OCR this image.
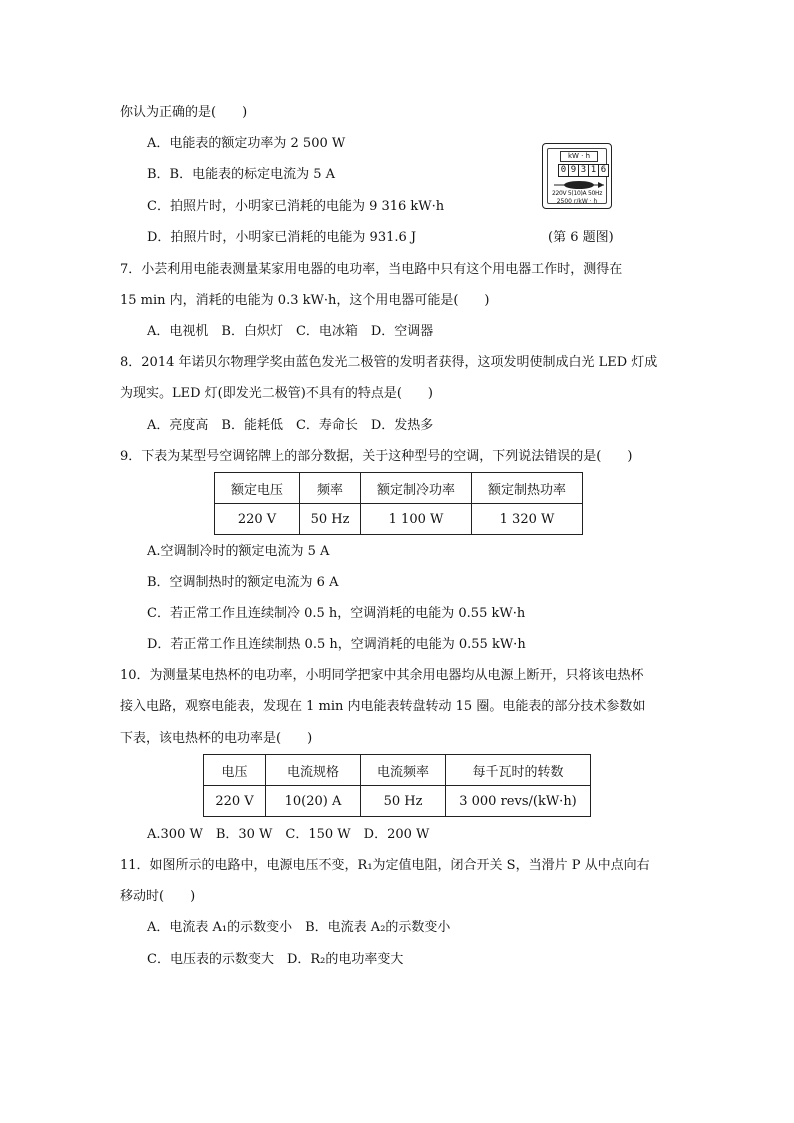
你认为正确的是(　　)
A．电能表的额定功率为 2 500 W
B．B．电能表的标定电流为 5 A
C．拍照片时，小明家已消耗的电能为 9 316 kW·h
D．拍照片时，小明家已消耗的电能为 931.6 J
kW · h
0 9 3 1 6
220V 5(10)A 50Hz
2500 r/kW · h
(第 6 题图)
7．小芸利用电能表测量某家用电器的电功率，当电路中只有这个用电器工作时，测得在
15 min 内，消耗的电能为 0.3 kW·h，这个用电器可能是(　　)
A．电视机　B．白炽灯　C．电冰箱　D．空调器
8．2014 年诺贝尔物理学奖由蓝色发光二极管的发明者获得，这项发明使制成白光 LED 灯成
为现实。LED 灯(即发光二极管)不具有的特点是(　　)
A．亮度高　B．能耗低　C．寿命长　D．发热多
9．下表为某型号空调铭牌上的部分数据，关于这种型号的空调，下列说法错误的是(　　)
额定电压	频率	额定制冷功率	额定制热功率
220 V	50 Hz	1 100 W	1 320 W
A.空调制冷时的额定电流为 5 A
B．空调制热时的额定电流为 6 A
C．若正常工作且连续制冷 0.5 h，空调消耗的电能为 0.55 kW·h
D．若正常工作且连续制热 0.5 h，空调消耗的电能为 0.55 kW·h
10．为测量某电热杯的电功率，小明同学把家中其余用电器均从电源上断开，只将该电热杯
接入电路，观察电能表，发现在 1 min 内电能表转盘转动 15 圈。电能表的部分技术参数如
下表，该电热杯的电功率是(　　)
电压	电流规格	电流频率	每千瓦时的转数
220 V	10(20) A	50 Hz	3 000 revs/(kW·h)
A.300 W　B．30 W　C．150 W　D．200 W
11．如图所示的电路中，电源电压不变，R₁为定值电阻，闭合开关 S，当滑片 P 从中点向右
移动时(　　)
A．电流表 A₁的示数变小　B．电流表 A₂的示数变小
C．电压表的示数变大　D．R₂的电功率变大
